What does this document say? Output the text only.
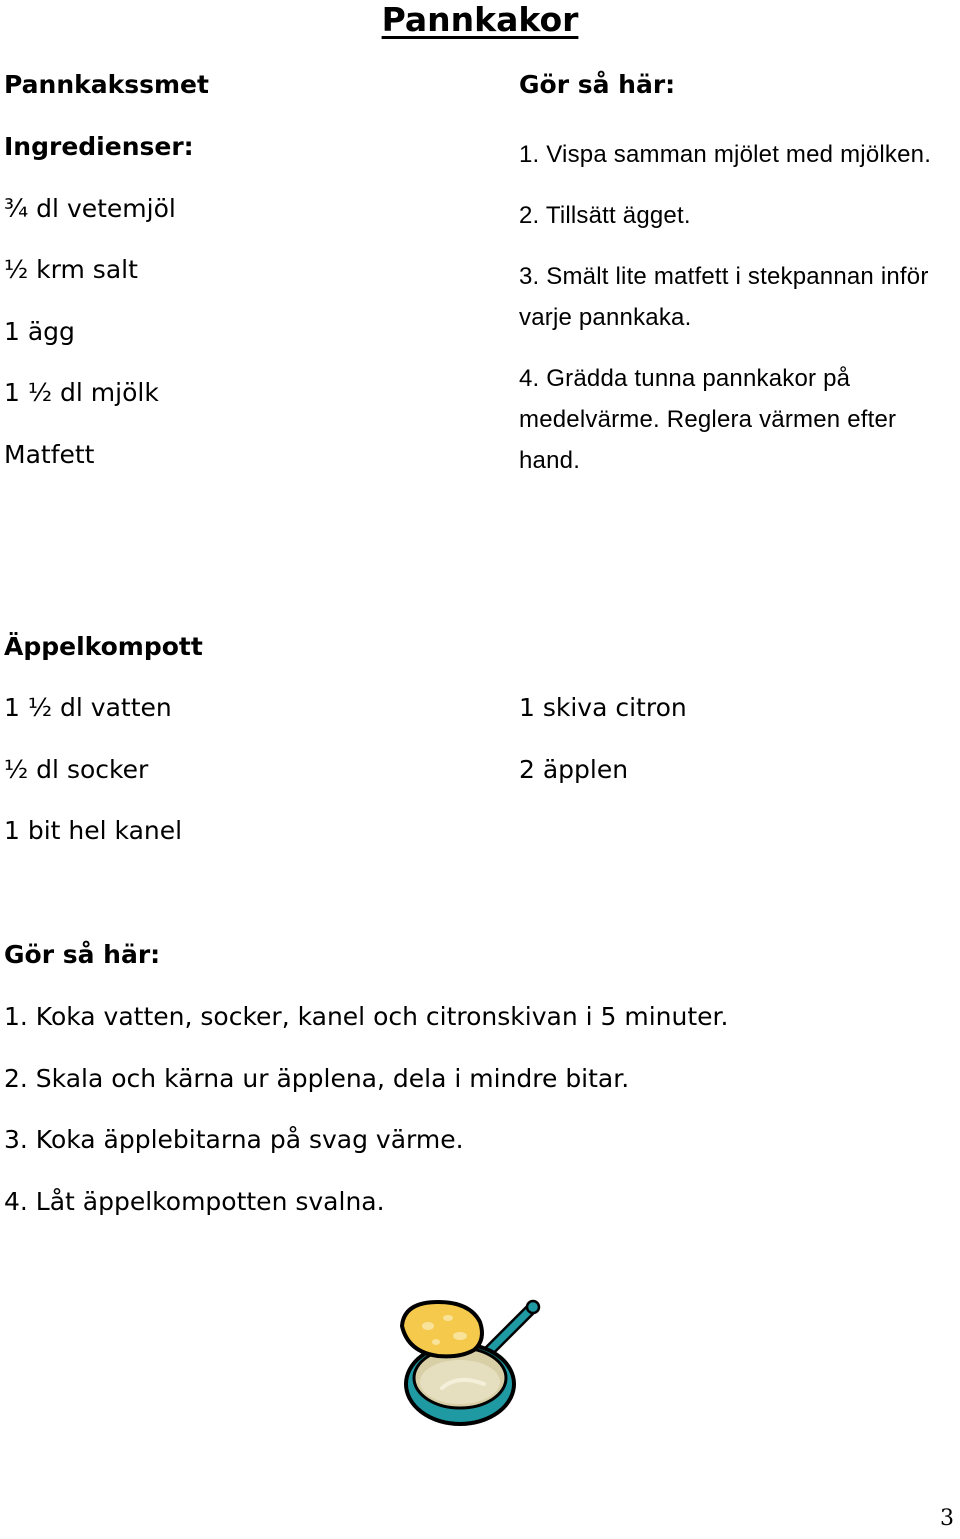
Pannkakor
Pannkakssmet
Ingredienser:
¾ dl vetemjöl
½ krm salt
1 ägg
1 ½ dl mjölk
Matfett
Gör så här:

1. Vispa samman mjölet med mjölken.

2. Tillsätt ägget.

3. Smält lite matfett i stekpannan inför varje pannkaka.

4. Grädda tunna pannkakor på medelvärme. Reglera värmen efter hand.

Äppelkompott
1 ½ dl vatten
½ dl socker
1 bit hel kanel
1 skiva citron
2 äpplen
Gör så här:
1. Koka vatten, socker, kanel och citronskivan i 5 minuter.
2. Skala och kärna ur äpplena, dela i mindre bitar.
3. Koka äpplebitarna på svag värme.
4. Låt äppelkompotten svalna.
3
